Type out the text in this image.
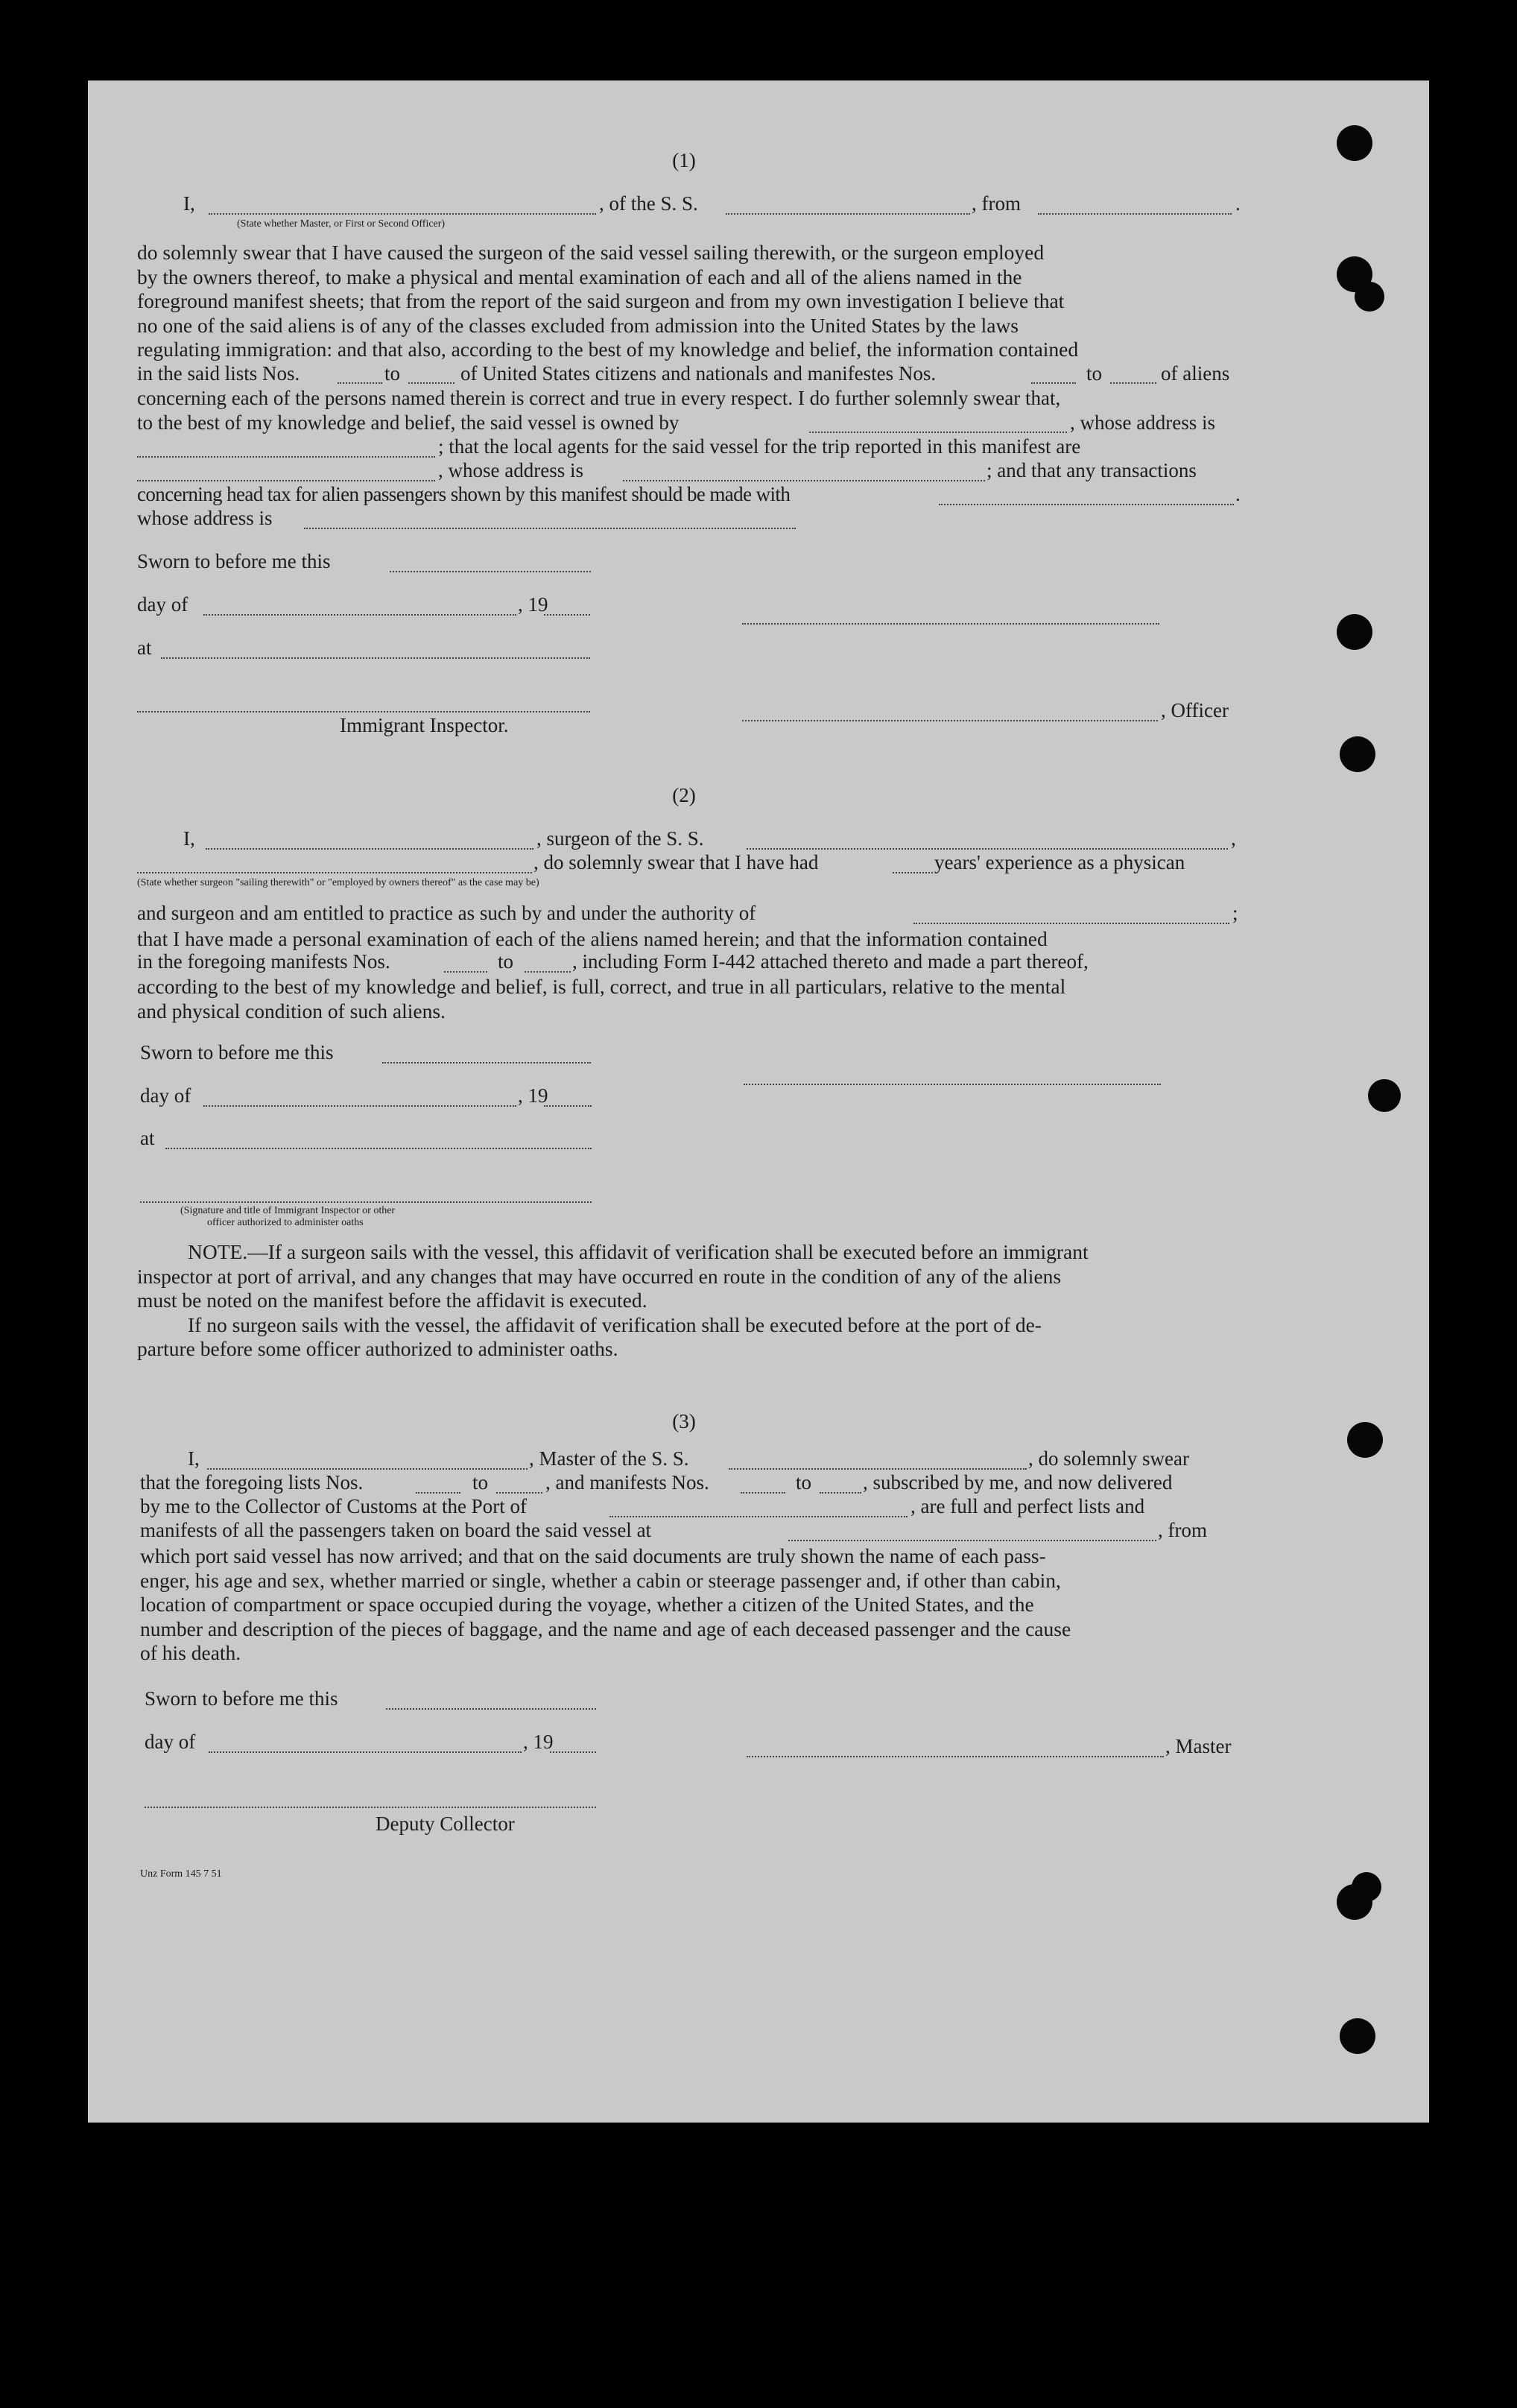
(1)
I,	, of the S. S.	, from	.
(State whether Master, or First or Second Officer)

do solemnly swear that I have caused the surgeon of the said vessel sailing therewith, or the surgeon employed

by the owners thereof, to make a physical and mental examination of each and all of the aliens named in the

foreground manifest sheets; that from the report of the said surgeon and from my own investigation I believe that

no one of the said aliens is of any of the classes excluded from admission into the United States by the laws

regulating immigration: and that also, according to the best of my knowledge and belief, the information contained

in the said lists Nos.	to	of United States citizens and nationals and manifestes Nos.	to	of aliens
concerning each of the persons named therein is correct and true in every respect. I do further solemnly swear that,
to the best of my knowledge and belief, the said vessel is owned by	, whose address is
; that the local agents for the said vessel for the trip reported in this manifest are
, whose address is	; and that any transactions
concerning head tax for alien passengers shown by this manifest should be made with	.
whose address is
Sworn to before me this
day of	, 19
at
Immigrant Inspector.
, Officer
(2)
I,	, surgeon of the S. S.	,
, do solemnly swear that I have had	years' experience as a physican
(State whether surgeon "sailing therewith" or "employed by owners thereof" as the case may be)
and surgeon and am entitled to practice as such by and under the authority of	;

that I have made a personal examination of each of the aliens named herein; and that the information contained

in the foregoing manifests Nos.	to	, including Form I-442 attached thereto and made a part thereof,

according to the best of my knowledge and belief, is full, correct, and true in all particulars, relative to the mental

and physical condition of such aliens.

Sworn to before me this
day of	, 19
at
(Signature and title of Immigrant Inspector or other
officer authorized to administer oaths

NOTE.—If a surgeon sails with the vessel, this affidavit of verification shall be executed before an immigrant

inspector at port of arrival, and any changes that may have occurred en route in the condition of any of the aliens

must be noted on the manifest before the affidavit is executed.

If no surgeon sails with the vessel, the affidavit of verification shall be executed before at the port of de-

parture before some officer authorized to administer oaths.

(3)
I,	, Master of the S. S.	, do solemnly swear
that the foregoing lists Nos.	to	, and manifests Nos.	to	, subscribed by me, and now delivered
by me to the Collector of Customs at the Port of	, are full and perfect lists and
manifests of all the passengers taken on board the said vessel at	, from

which port said vessel has now arrived; and that on the said documents are truly shown the name of each pass-

enger, his age and sex, whether married or single, whether a cabin or steerage passenger and, if other than cabin,

location of compartment or space occupied during the voyage, whether a citizen of the United States, and the

number and description of the pieces of baggage, and the name and age of each deceased passenger and the cause

of his death.

Sworn to before me this
day of	, 19	, Master
Deputy Collector
Unz Form 145 7 51
